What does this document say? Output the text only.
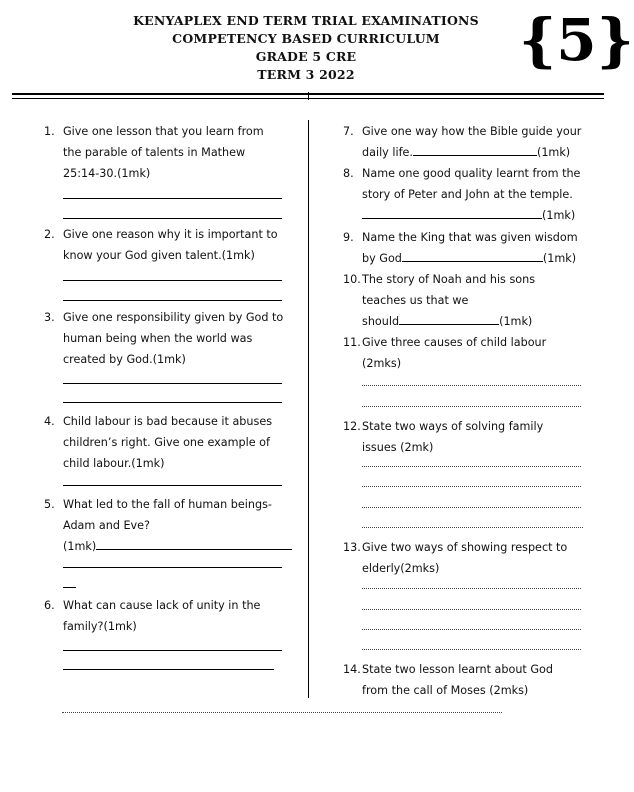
KENYAPLEX END TERM TRIAL EXAMINATIONS
COMPETENCY BASED CURRICULUM
GRADE 5 CRE
TERM 3 2022
{5}
1. Give one lesson that you learn from
the parable of talents in Mathew
25:14-30.(1mk)
2. Give one reason why it is important to
know your God given talent.(1mk)
3. Give one responsibility given by God to
human being when the world was
created by God.(1mk)
4. Child labour is bad because it abuses
children’s right. Give one example of
child labour.(1mk)
5. What led to the fall of human beings-
Adam and Eve?
(1mk)
6. What can cause lack of unity in the
family?(1mk)
7. Give one way how the Bible guide your
daily life.	(1mk)
8. Name one good quality learnt from the
story of Peter and John at the temple.
(1mk)
9. Name the King that was given wisdom
by God	(1mk)
10. The story of Noah and his sons
teaches us that we
should	(1mk)
11. Give three causes of child labour
(2mks)
12. State two ways of solving family
issues (2mk)
13. Give two ways of showing respect to
elderly(2mks)
14. State two lesson learnt about God
from the call of Moses (2mks)
